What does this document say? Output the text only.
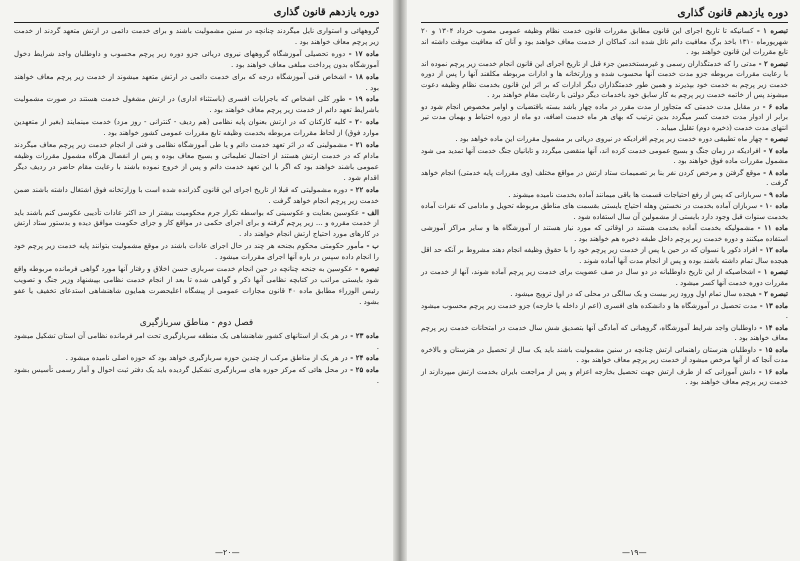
دوره یازدهم قانون گذاری

گروههائی و استواری نایل میگردند چنانچه در سنین مشمولیت باشند و برای خدمت دائمی در ارتش متعهد گردند از خدمت زیر پرچم معاف خواهند بود .

ماده ۱۷ - دوره تحصیلی آموزشگاه گروههای نیروی دریائی جزو دوره زیر پرچم محسوب و داوطلبان واجد شرایط دخول آموزشگاه بدون پرداخت مبلغی معاف خواهند بود .

ماده ۱۸ - اشخاص فنی آموزشگاه درجه که برای خدمت دائمی در ارتش متعهد میشوند از خدمت زیر پرچم معاف خواهند بود .

ماده ۱۹ - طور کلی اشخاص که باجرایات افسری (باستثناء اداری) در ارتش مشغول خدمت هستند در صورت مشمولیت باشرایط تعهد دائم از خدمت زیر پرچم معاف خواهند بود .

ماده ۲۰ - کلیه کارکنان که در ارتش بعنوان پایه نظامی (هم ردیف - کنترانی - روز مزد) خدمت مینمایند (بغیر از متعهدین موارد فوق) از لحاظ مقررات مربوطه بخدمت وظیفه تابع مقررات عمومی کشور خواهند بود .

ماده ۲۱ - مشمولینی که در اثر تعهد خدمت دائم و یا طی آموزشگاه نظامی و فنی از انجام خدمت زیر پرچم معاف میگردند مادام که در خدمت ارتش هستند از احتمال تعلیماتی و بسیج معاف بوده و پس از انفصال هرگاه مشمول مقررات وظیفه عمومی باشند خواهند بود که اگر با این تعهد خدمت دائم و پس از خروج نموده باشند با رعایت مقام حاضر در ردیف دیگر اقدام شود .

ماده ۲۲ - دوره مشمولیتی که قبلا از تاریخ اجرای این قانون گذرانده شده است با وزارتخانه فوق اشتغال داشته باشند ضمن خدمت زیر پرچم انجام خواهد گرفت .

الف - عکوسین بعنایت و عکوسینی که بواسطه تکرار جرم محکومیت بیشتر از حد اکثر عادات تأدیبی عکوسی کنم باشند باید از خدمت مقرره و ... زیر پرچم گرفته و برای اجرای حکمی در مواقع کار و جزای حکومت موافق دیده و بدستور ستاد ارتش در کارهای مورد احتیاج ارتش انجام خواهند داد .

ب - مأمور حکومتی محکوم بجنحه هر چند در حال اجرای عادات باشند در موقع مشمولیت بتوانند پایه خدمت زیر پرچم خود را انجام داده سپس در باره آنها اجرای مقررات میشود .

تبصره - عکوسین به جنحه چنانچه در حین انجام خدمت سربازی حسن اخلاق و رفتار آنها مورد گواهی فرمانده مربوطه واقع شود بایستی مراتب در کتابچه نظامی آنها ذکر و گواهی شده تا بعد از انجام خدمت نظامی بپیشنهاد وزیر جنگ و تصویب رئیس الوزراء مطابق ماده ۴۰ قانون مجازات عمومی از پیشگاه اعلیحضرت همایون شاهنشاهی استدعای تخفیف یا عفو بشود .

فصل دوم - مناطق سربازگیری

ماده ۲۳ - در هر یک از استانهای کشور شاهنشاهی یک منطقه سربازگیری تحت امر فرمانده نظامی آن استان تشکیل میشود .

ماده ۲۴ - در هر یک از مناطق مرکب از چندین حوزه سربازگیری خواهد بود که حوزه اصلی نامیده میشود .

ماده ۲۵ - در محل هائی که مرکز حوزه های سربازگیری تشکیل گردیده باید یک دفتر ثبت احوال و آمار رسمی تأسیس بشود .

—۲۰—
دوره یازدهم قانون گذاری

تبصره ۱ - کسانیکه تا تاریخ اجرای این قانون مطابق مقررات قانون خدمت نظام وظیفه عمومی مصوب خرداد ۱۳۰۴ و ۲۰ شهریورماه ۱۳۱۰ باخذ برگ معافیت دائم نائل شده اند، کماکان از خدمت معاف خواهند بود و آنان که معافیت موقت داشته اند تابع مقررات این قانون خواهند بود .

تبصره ۲ - مدتی را که خدمتگذاران رسمی و غیرمستخدمین جزء قبل از تاریخ اجرای این قانون انجام خدمت زیر پرچم نموده اند با رعایت مقررات مربوطه جزو مدت خدمت آنها محسوب شده و وزارتخانه ها و ادارات مربوطه مکلفند آنها را پس از دوره خدمت زیر پرچم به خدمت خود بپذیرند و همین طور خدمتگذاران دیگر ادارات که بر اثر این قانون بخدمت نظام وظیفه دعوت میشوند پس از خاتمه خدمت زیر پرچم به کار سابق خود باخدمات دیگر دولتی با رعایت مقام خواهند برد .

ماده ۶ - در مقابل مدت خدمتی که متجاوز از مدت مقرر در ماده چهار باشد بسته باقتضیات و اوامر مخصوص انجام شود دو برابر از ادوار مدت خدمت کسر میگردد بدین ترتیب که بهای هر ماه خدمت اضافه، دو ماه از دوره احتیاط و بهمان مدت تیر انتهای مدت خدمت (ذخیره دوم) تقلیل مییابد .

تبصره - چهار ماه تطبیقی دوره خدمت زیر پرچم افرادیکه در نیروی دریائی بر مشمول مقررات این ماده خواهد بود .

ماده ۷ - افرادیکه در زمان جنگ و بسیج عمومی خدمت کرده اند، آنها منقضی میگردد و تابانیان جنگ خدمت آنها تمدید می شود مشمول مقررات ماده فوق خواهند بود .

ماده ۸ - موقع گرفتن و مرخص کردن نفر بنا بر تصمیمات ستاد ارتش در مواقع مختلف (وی مقررات پایه خدمتی) انجام خواهد گرفت .

ماده ۹ - سربازانی که پس از رفع احتیاجات قسمت ها باقی میمانند آماده بخدمت نامیده میشوند .

ماده ۱۰ - سربازان آماده بخدمت در نخستین وهله احتیاج بایستی بقسمت های مناطق مربوطه تحویل و مادامی که نفرات آماده بخدمت سنوات قبل وجود دارد بایستی از مشمولین آن سال استفاده شود .

ماده ۱۱ - مشمولیکه بخدمت آماده بخدمت هستند در اوقاتی که مورد نیاز هستند از آموزشگاه ها و سایر مراکز آموزشی استفاده میکنند و دوره خدمت زیر پرچم داخل طبقه ذخیره هم خواهند بود .

ماده ۱۲ - افراد ذکور یا نسوان که در حین یا پس از خدمت زیر پرچم خود را با حقوق وظیفه انجام دهند مشروط بر آنکه حد اقل هیجده سال تمام داشته باشند بوده و پس از انجام مدت آنها آماده شوند .

تبصره ۱ - اشخاصیکه از این تاریخ داوطلبانه در دو سال در صف عضویت برای خدمت زیر پرچم آماده شوند، آنها از خدمت در مقررات دوره خدمت آنها کسر میشود .

تبصره ۲ - هیجده سال تمام اول ورود زیر بیست و یک سالگی در محلی که در اول ترویج میشود .

ماده ۱۳ - مدت تحصیل در آموزشگاه ها و دانشکده های افسری (اعم از داخله یا خارجه) جزو خدمت زیر پرچم محسوب میشود .

ماده ۱۴ - داوطلبان واجد شرایط آموزشگاه، گروهبانی که آمادگی آنها بتصدیق شش سال خدمت در امتحانات خدمت زیر پرچم معاف خواهند بود .

ماده ۱۵ - داوطلبان هنرستان راهنمائی ارتش چنانچه در سنین مشمولیت باشند باید یک سال از تحصیل در هنرستان و بالاخره مدت آنجا که از آنها مرخص میشود از خدمت زیر پرچم معاف خواهند بود .

ماده ۱۶ - دانش آموزانی که از طرف ارتش جهت تحصیل بخارجه اعزام و پس از مراجعت بایران بخدمت ارتش میپردازند از خدمت زیر پرچم معاف خواهند بود .

—۱۹—
